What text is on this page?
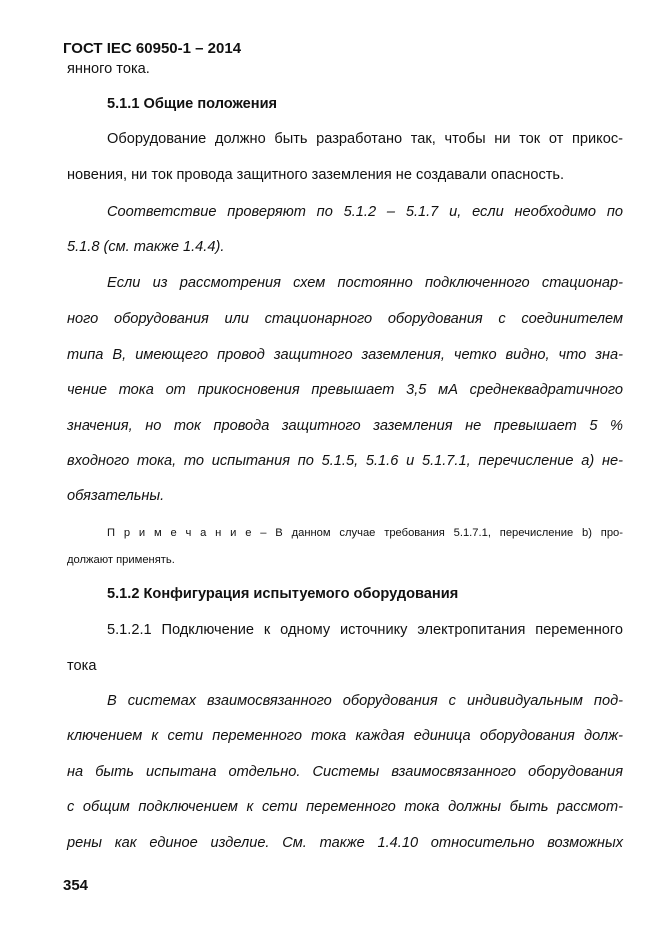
ГОСТ IEC 60950-1 – 2014
янного тока.
5.1.1 Общие положения
Оборудование должно быть разработано так, чтобы ни ток от прикос-
новения, ни ток провода защитного заземления не создавали опасность.
Соответствие проверяют по 5.1.2 – 5.1.7 и, если необходимо по
5.1.8 (см. также 1.4.4).
Если из рассмотрения схем постоянно подключенного стационар-
ного оборудования или стационарного оборудования с соединителем
типа В, имеющего провод защитного заземления, четко видно, что зна-
чение тока от прикосновения превышает 3,5 мА среднеквадратичного
значения, но ток провода защитного заземления не превышает 5 %
входного тока, то испытания по 5.1.5, 5.1.6 и 5.1.7.1, перечисление а) не-
обязательны.
П р и м е ч а н и е – В данном случае требования 5.1.7.1, перечисление b) про-
должают применять.
5.1.2 Конфигурация испытуемого оборудования
5.1.2.1 Подключение к одному источнику электропитания переменного
тока
В системах взаимосвязанного оборудования с индивидуальным под-
ключением к сети переменного тока каждая единица оборудования долж-
на быть испытана отдельно. Системы взаимосвязанного оборудования
с общим подключением к сети переменного тока должны быть рассмот-
рены как единое изделие. См. также 1.4.10 относительно возможных
354
